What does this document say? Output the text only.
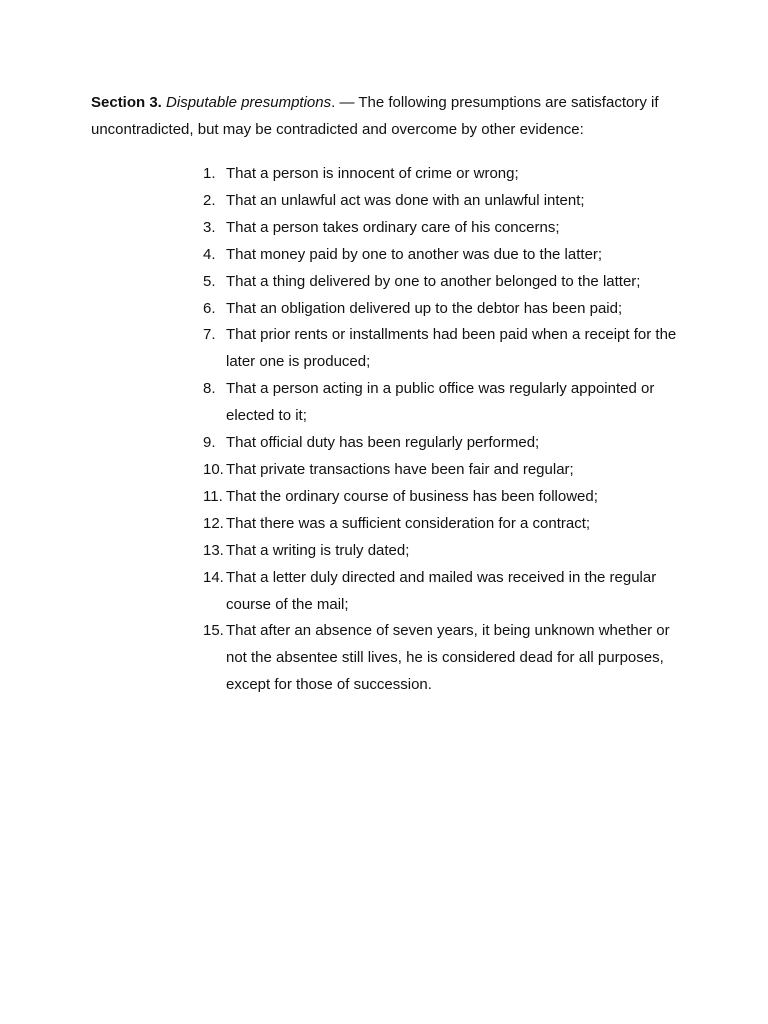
Section 3. Disputable presumptions. — The following presumptions are satisfactory if uncontradicted, but may be contradicted and overcome by other evidence:

1. That a person is innocent of crime or wrong;
2. That an unlawful act was done with an unlawful intent;
3. That a person takes ordinary care of his concerns;
4. That money paid by one to another was due to the latter;
5. That a thing delivered by one to another belonged to the latter;
6. That an obligation delivered up to the debtor has been paid;
7. That prior rents or installments had been paid when a receipt for the later one is produced;
8. That a person acting in a public office was regularly appointed or elected to it;
9. That official duty has been regularly performed;
10. That private transactions have been fair and regular;
11. That the ordinary course of business has been followed;
12. That there was a sufficient consideration for a contract;
13. That a writing is truly dated;
14. That a letter duly directed and mailed was received in the regular course of the mail;
15. That after an absence of seven years, it being unknown whether or not the absentee still lives, he is considered dead for all purposes, except for those of succession.
